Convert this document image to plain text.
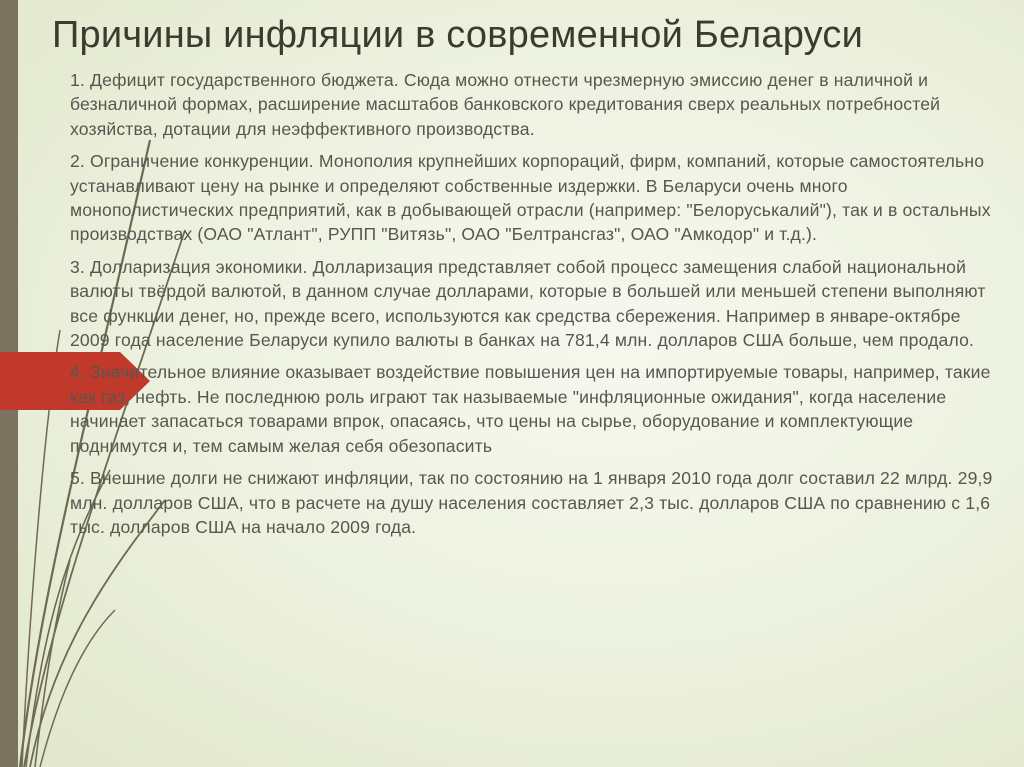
Причины инфляции в современной Беларуси

1. Дефицит государственного бюджета. Сюда можно отнести чрезмерную эмиссию денег в наличной и безналичной формах, расширение масштабов банковского кредитования сверх реальных потребностей хозяйства, дотации для неэффективного производства.

2. Ограничение конкуренции. Монополия крупнейших корпораций, фирм, компаний, которые самостоятельно устанавливают цену на рынке и определяют собственные издержки. В Беларуси очень много монополистических предприятий, как в добывающей отрасли (например: "Белоруськалий"), так и в остальных производствах (ОАО "Атлант", РУПП "Витязь", ОАО "Белтрансгаз", ОАО "Амкодор" и т.д.).

3. Долларизация экономики. Долларизация представляет собой процесс замещения слабой национальной валюты твёрдой валютой, в данном случае долларами, которые в большей или меньшей степени выполняют все функции денег, но, прежде всего, используются как средства сбережения. Например в январе-октябре 2009 года население Беларуси купило валюты в банках на 781,4 млн. долларов США больше, чем продало.

4. Значительное влияние оказывает воздействие повышения цен на импортируемые товары, например, такие как газ, нефть. Не последнюю роль играют так называемые "инфляционные ожидания", когда население начинает запасаться товарами впрок, опасаясь, что цены на сырье, оборудование и комплектующие поднимутся и, тем самым желая себя обезопасить

5. Внешние долги не снижают инфляции, так по состоянию на 1 января 2010 года долг составил 22 млрд. 29,9 млн. долларов США, что в расчете на душу населения составляет 2,3 тыс. долларов США по сравнению с 1,6 тыс. долларов США на начало 2009 года.
